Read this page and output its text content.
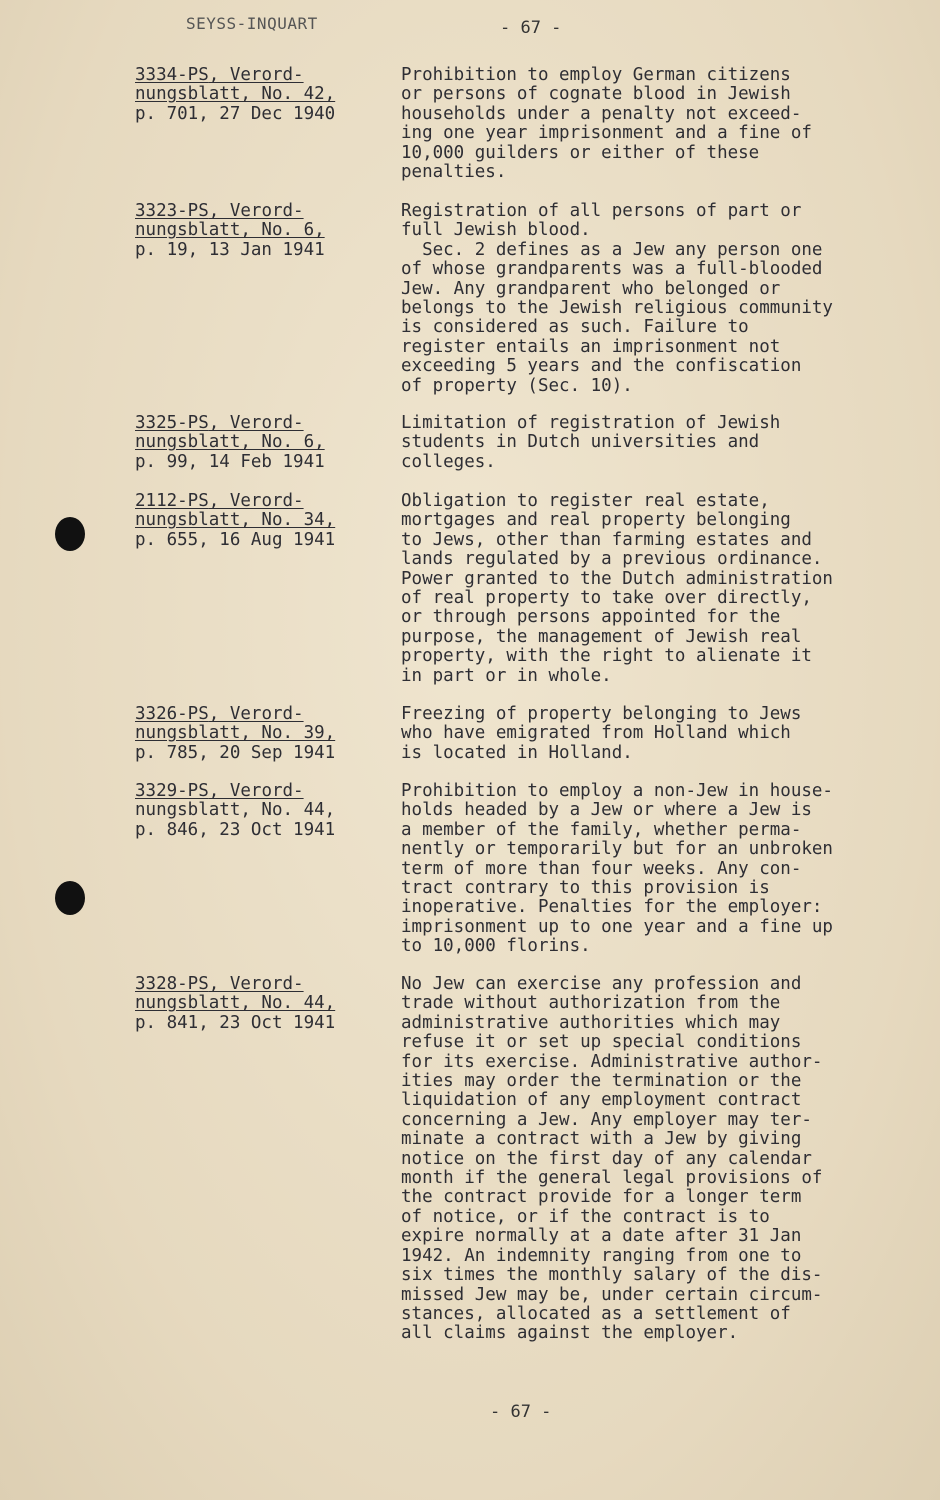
SEYSS-INQUART	- 67 -
3334-PS, Verord-
nungsblatt, No. 42,
p. 701, 27 Dec 1940
Prohibition to employ German citizens
or persons of cognate blood in Jewish
households under a penalty not exceed-
ing one year imprisonment and a fine of
10,000 guilders or either of these
penalties.
3323-PS, Verord-
nungsblatt, No. 6,
p. 19, 13 Jan 1941
Registration of all persons of part or
full Jewish blood.
Sec. 2 defines as a Jew any person one
of whose grandparents was a full-blooded
Jew. Any grandparent who belonged or
belongs to the Jewish religious community
is considered as such. Failure to
register entails an imprisonment not
exceeding 5 years and the confiscation
of property (Sec. 10).
3325-PS, Verord-
nungsblatt, No. 6,
p. 99, 14 Feb 1941
Limitation of registration of Jewish
students in Dutch universities and
colleges.
2112-PS, Verord-
nungsblatt, No. 34,
p. 655, 16 Aug 1941
Obligation to register real estate,
mortgages and real property belonging
to Jews, other than farming estates and
lands regulated by a previous ordinance.
Power granted to the Dutch administration
of real property to take over directly,
or through persons appointed for the
purpose, the management of Jewish real
property, with the right to alienate it
in part or in whole.
3326-PS, Verord-
nungsblatt, No. 39,
p. 785, 20 Sep 1941
Freezing of property belonging to Jews
who have emigrated from Holland which
is located in Holland.
3329-PS, Verord-
nungsblatt, No. 44,
p. 846, 23 Oct 1941
Prohibition to employ a non-Jew in house-
holds headed by a Jew or where a Jew is
a member of the family, whether perma-
nently or temporarily but for an unbroken
term of more than four weeks. Any con-
tract contrary to this provision is
inoperative. Penalties for the employer:
imprisonment up to one year and a fine up
to 10,000 florins.
3328-PS, Verord-
nungsblatt, No. 44,
p. 841, 23 Oct 1941
No Jew can exercise any profession and
trade without authorization from the
administrative authorities which may
refuse it or set up special conditions
for its exercise. Administrative author-
ities may order the termination or the
liquidation of any employment contract
concerning a Jew. Any employer may ter-
minate a contract with a Jew by giving
notice on the first day of any calendar
month if the general legal provisions of
the contract provide for a longer term
of notice, or if the contract is to
expire normally at a date after 31 Jan
1942. An indemnity ranging from one to
six times the monthly salary of the dis-
missed Jew may be, under certain circum-
stances, allocated as a settlement of
all claims against the employer.
- 67 -
